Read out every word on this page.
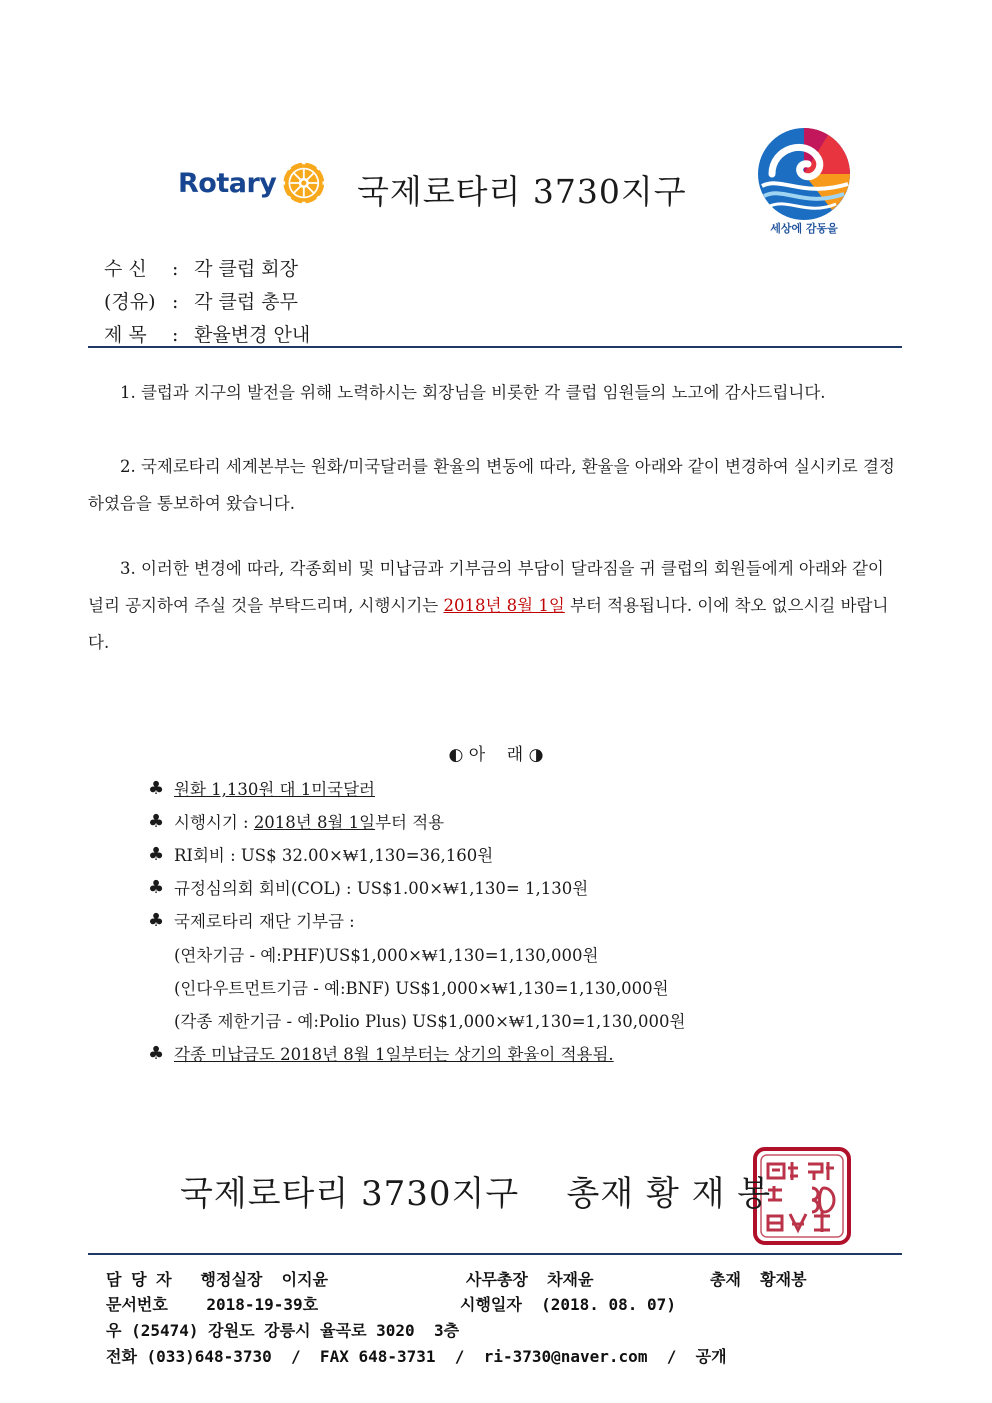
Rotary 국제로타리 3730지구
세상에 감동을
수 신 : 각 클럽 회장
(경유) : 각 클럽 총무
제 목 : 환율변경 안내
1. 클럽과 지구의 발전을 위해 노력하시는 회장님을 비롯한 각 클럽 임원들의 노고에 감사드립니다.
2. 국제로타리 세계본부는 원화/미국달러를 환율의 변동에 따라, 환율을 아래와 같이 변경하여 실시키로 결정하였음을 통보하여 왔습니다.
3. 이러한 변경에 따라, 각종회비 및 미납금과 기부금의 부담이 달라짐을 귀 클럽의 회원들에게 아래와 같이 널리 공지하여 주실 것을 부탁드리며, 시행시기는 2018년 8월 1일 부터 적용됩니다. 이에 착오 없으시길 바랍니다.
◐ 아    래 ◑
♣ 원화 1,130원 대 1미국달러
♣ 시행시기 : 2018년 8월 1일 부터 적용
♣ RI회비 : US$ 32.00×₩1,130=36,160원
♣ 규정심의회 회비(COL) : US$1.00×₩1,130= 1,130원
♣ 국제로타리 재단 기부금 :
(연차기금 - 예:PHF)US$1,000×₩1,130=1,130,000원
(인다우트먼트기금 - 예:BNF) US$1,000×₩1,130=1,130,000원
(각종 제한기금 - 예:Polio Plus) US$1,000×₩1,130=1,130,000원
♣ 각종 미납금도 2018년 8월 1일부터는 상기의 환율이 적용됨.
국제로타리 3730지구    총재 황 재 봉
담 당 자   행정실장  이지윤	사무총장  차재윤	총재  황재봉
문서번호    2018-19-39호	시행일자  (2018. 08. 07)
우 (25474) 강원도 강릉시 율곡로 3020  3층
전화 (033)648-3730  /  FAX 648-3731  /  ri-3730@naver.com  /  공개
